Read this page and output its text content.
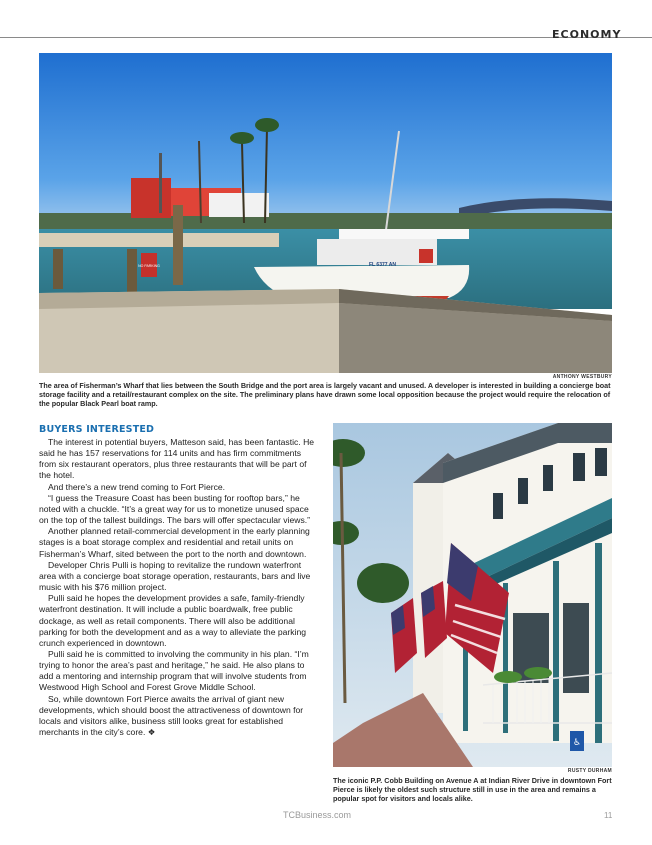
ECONOMY
NO PARKING	FL 6377 AN
ANTHONY WESTBURY
The area of Fisherman’s Wharf that lies between the South Bridge and the port area is largely vacant and unused. A developer is interested in building a concierge boat storage facility and a retail/restaurant complex on the site. The preliminary plans have drawn some local opposition because the project would require the relocation of the popular Black Pearl boat ramp.
BUYERS INTERESTED

The interest in potential buyers, Matteson said, has been fantastic. He said he has 157 reservations for 114 units and has firm commitments from six restaurant operators, plus three restaurants that will be part of the hotel.

And there’s a new trend coming to Fort Pierce.

“I guess the Treasure Coast has been busting for rooftop bars,” he noted with a chuckle. “It’s a great way for us to monetize unused space on the top of the tallest buildings. The bars will offer spectacular views.”

Another planned retail-commercial development in the early planning stages is a boat storage complex and residential and retail units on Fisherman’s Wharf, sited between the port to the north and downtown.

Developer Chris Pulli is hoping to revitalize the rundown waterfront area with a concierge boat storage operation, restaurants, bars and live music with his $76 million project.

Pulli said he hopes the development provides a safe, family-friendly waterfront destination. It will include a public boardwalk, free public dockage, as well as retail components. There will also be additional parking for both the development and as a way to alleviate the parking crunch experienced in downtown.

Pulli said he is committed to involving the community in his plan. “I’m trying to honor the area’s past and heritage,” he said. He also plans to add a mentoring and internship program that will involve students from Westwood High School and Forest Grove Middle School.

So, while downtown Fort Pierce awaits the arrival of giant new developments, which should boost the attractiveness of downtown for locals and visitors alike, business still looks great for established merchants in the city’s core. ❖

♿
RUSTY DURHAM
The iconic P.P. Cobb Building on Avenue A at Indian River Drive in downtown Fort Pierce is likely the oldest such structure still in use in the area and remains a popular spot for visitors and locals alike.
TCBusiness.com	11
